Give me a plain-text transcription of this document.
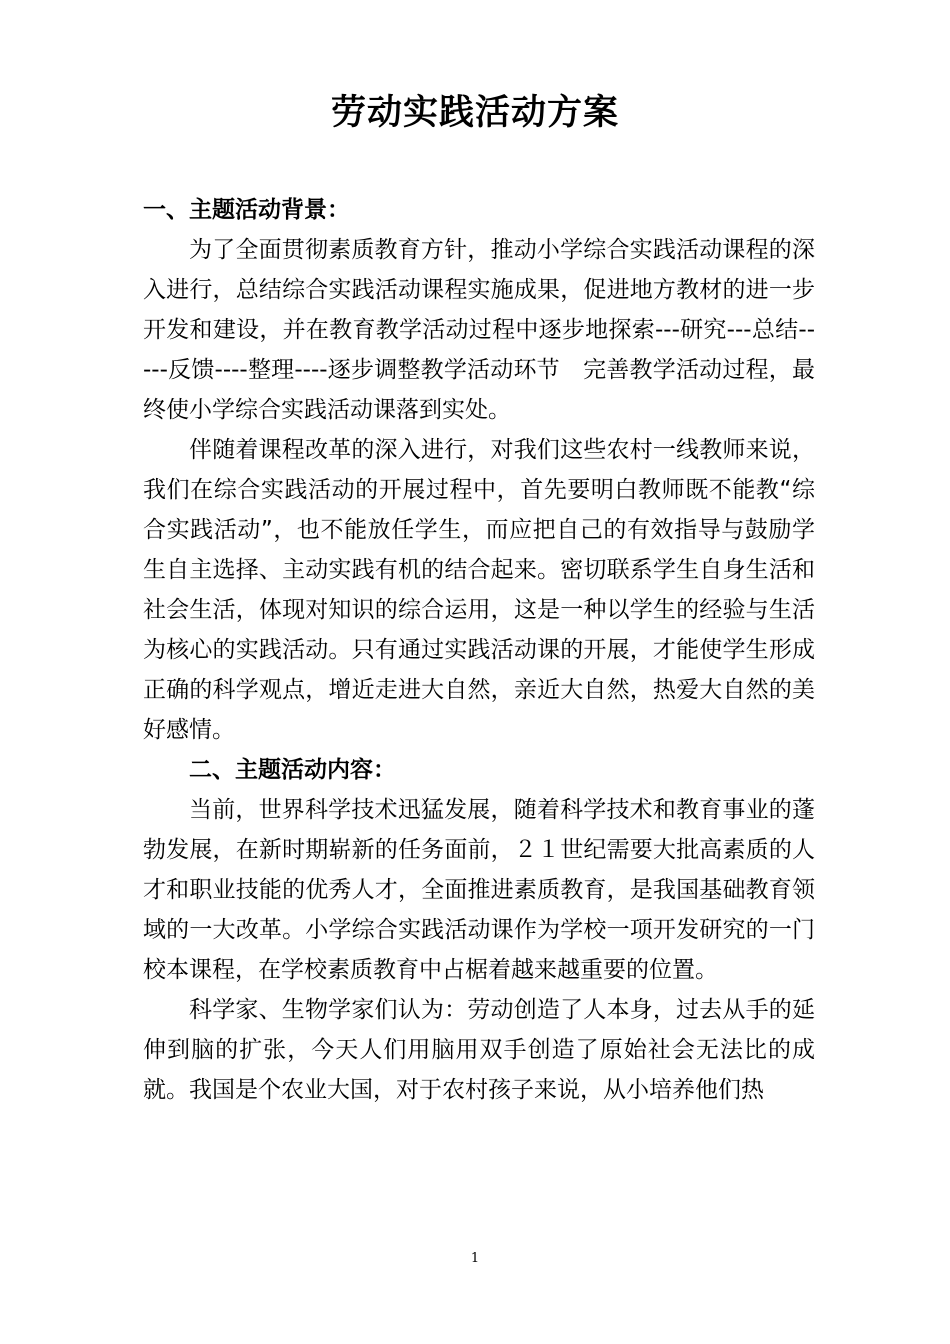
劳动实践活动方案
一、主题活动背景：

为了全面贯彻素质教育方针，推动小学综合实践活动课程的深入进行，总结综合实践活动课程实施成果，促进地方教材的进一步开发和建设，并在教育教学活动过程中逐步地探索---研究---总结-----反馈----整理----逐步调整教学活动环节　完善教学活动过程，最终使小学综合实践活动课落到实处。

伴随着课程改革的深入进行，对我们这些农村一线教师来说，我们在综合实践活动的开展过程中，首先要明白教师既不能教“综合实践活动”，也不能放任学生，而应把自己的有效指导与鼓励学生自主选择、主动实践有机的结合起来。密切联系学生自身生活和社会生活，体现对知识的综合运用，这是一种以学生的经验与生活为核心的实践活动。只有通过实践活动课的开展，才能使学生形成正确的科学观点，增近走进大自然，亲近大自然，热爱大自然的美好感情。

二、主题活动内容：

当前，世界科学技术迅猛发展，随着科学技术和教育事业的蓬勃发展，在新时期崭新的任务面前，２１世纪需要大批高素质的人才和职业技能的优秀人才，全面推进素质教育，是我国基础教育领域的一大改革。小学综合实践活动课作为学校一项开发研究的一门校本课程，在学校素质教育中占椐着越来越重要的位置。

科学家、生物学家们认为：劳动创造了人本身，过去从手的延伸到脑的扩张，今天人们用脑用双手创造了原始社会无法比的成就。我国是个农业大国，对于农村孩子来说，从小培养他们热

1
